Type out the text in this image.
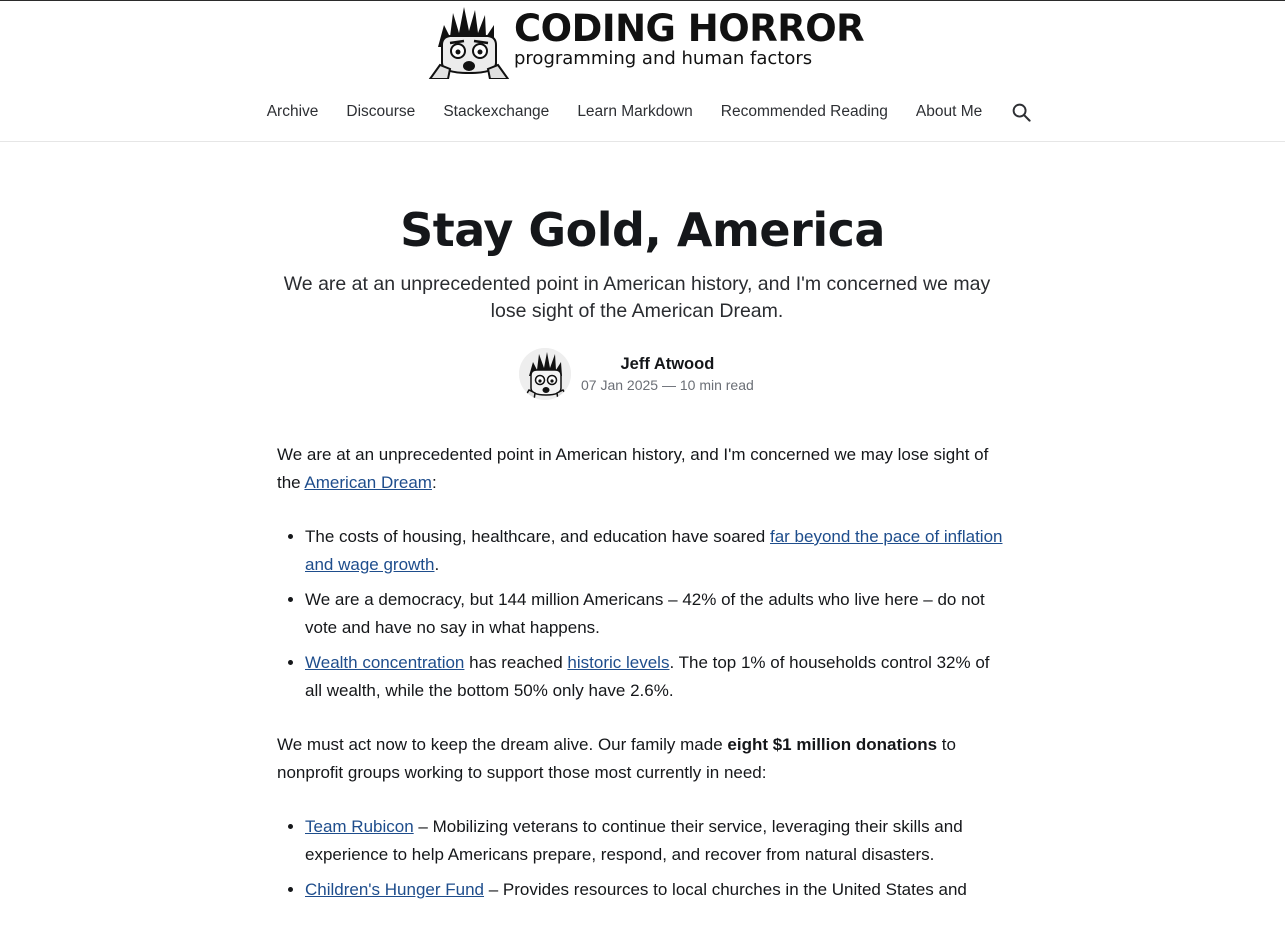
CODING HORROR
programming and human factors
Archive Discourse Stackexchange Learn Markdown Recommended Reading About Me
Stay Gold, America

We are at an unprecedented point in American history, and I'm concerned we may lose sight of the American Dream.

Jeff Atwood
07 Jan 2025 — 10 min read

We are at an unprecedented point in American history, and I'm concerned we may lose sight of the American Dream:

• The costs of housing, healthcare, and education have soared far beyond the pace of inflation and wage growth.
• We are a democracy, but 144 million Americans – 42% of the adults who live here – do not vote and have no say in what happens.
• Wealth concentration has reached historic levels. The top 1% of households control 32% of all wealth, while the bottom 50% only have 2.6%.

We must act now to keep the dream alive. Our family made eight $1 million donations to nonprofit groups working to support those most currently in need:

• Team Rubicon – Mobilizing veterans to continue their service, leveraging their skills and experience to help Americans prepare, respond, and recover from natural disasters.
• Children's Hunger Fund – Provides resources to local churches in the United States and
